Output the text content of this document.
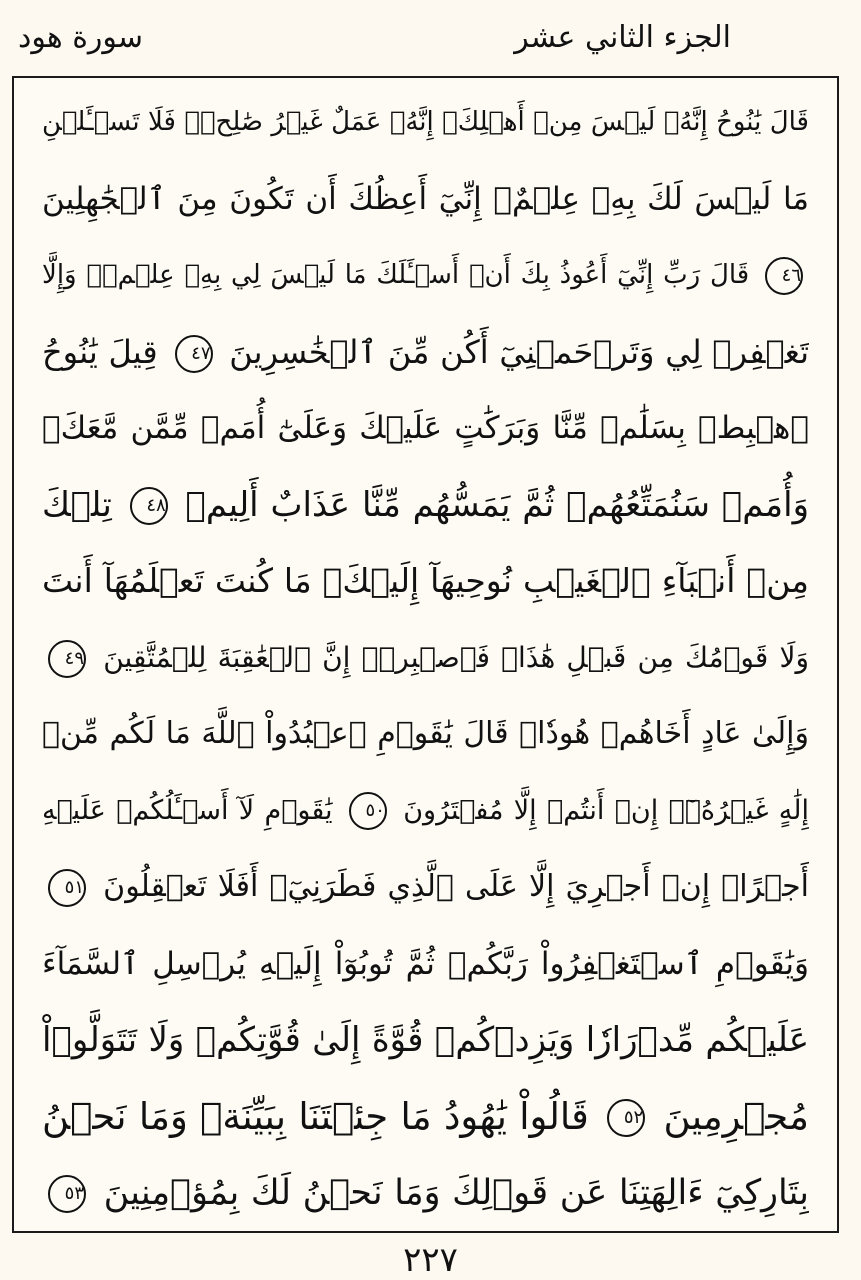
الجزء الثاني عشر
سورة هود
قَالَ يَٰنُوحُ إِنَّهُۥ لَيۡسَ مِنۡ أَهۡلِكَۖ إِنَّهُۥ عَمَلٌ غَيۡرُ صَٰلِحٖۖ فَلَا تَسۡـَٔلۡنِ
مَا لَيۡسَ لَكَ بِهِۦ عِلۡمٌۖ إِنِّيٓ أَعِظُكَ أَن تَكُونَ مِنَ ٱلۡجَٰهِلِينَ
٤٦ قَالَ رَبِّ إِنِّيٓ أَعُوذُ بِكَ أَنۡ أَسۡـَٔلَكَ مَا لَيۡسَ لِي بِهِۦ عِلۡمٞۖ وَإِلَّا
تَغۡفِرۡ لِي وَتَرۡحَمۡنِيٓ أَكُن مِّنَ ٱلۡخَٰسِرِينَ ٤٧ قِيلَ يَٰنُوحُ
ٱهۡبِطۡ بِسَلَٰمٖ مِّنَّا وَبَرَكَٰتٍ عَلَيۡكَ وَعَلَىٰٓ أُمَمٖ مِّمَّن مَّعَكَۚ
وَأُمَمٞ سَنُمَتِّعُهُمۡ ثُمَّ يَمَسُّهُم مِّنَّا عَذَابٌ أَلِيمٞ ٤٨ تِلۡكَ
مِنۡ أَنۢبَآءِ ٱلۡغَيۡبِ نُوحِيهَآ إِلَيۡكَۖ مَا كُنتَ تَعۡلَمُهَآ أَنتَ
وَلَا قَوۡمُكَ مِن قَبۡلِ هَٰذَاۖ فَٱصۡبِرۡۖ إِنَّ ٱلۡعَٰقِبَةَ لِلۡمُتَّقِينَ ٤٩
وَإِلَىٰ عَادٍ أَخَاهُمۡ هُودٗاۚ قَالَ يَٰقَوۡمِ ٱعۡبُدُواْ ٱللَّهَ مَا لَكُم مِّنۡ
إِلَٰهٍ غَيۡرُهُۥٓۖ إِنۡ أَنتُمۡ إِلَّا مُفۡتَرُونَ ٥٠ يَٰقَوۡمِ لَآ أَسۡـَٔلُكُمۡ عَلَيۡهِ
أَجۡرًاۖ إِنۡ أَجۡرِيَ إِلَّا عَلَى ٱلَّذِي فَطَرَنِيٓۚ أَفَلَا تَعۡقِلُونَ ٥١
وَيَٰقَوۡمِ ٱسۡتَغۡفِرُواْ رَبَّكُمۡ ثُمَّ تُوبُوٓاْ إِلَيۡهِ يُرۡسِلِ ٱلسَّمَآءَ
عَلَيۡكُم مِّدۡرَارٗا وَيَزِدۡكُمۡ قُوَّةً إِلَىٰ قُوَّتِكُمۡ وَلَا تَتَوَلَّوۡاْ
مُجۡرِمِينَ ٥٢ قَالُواْ يَٰهُودُ مَا جِئۡتَنَا بِبَيِّنَةٖ وَمَا نَحۡنُ
بِتَارِكِيٓ ءَالِهَتِنَا عَن قَوۡلِكَ وَمَا نَحۡنُ لَكَ بِمُؤۡمِنِينَ ٥٣
٢٢٧
